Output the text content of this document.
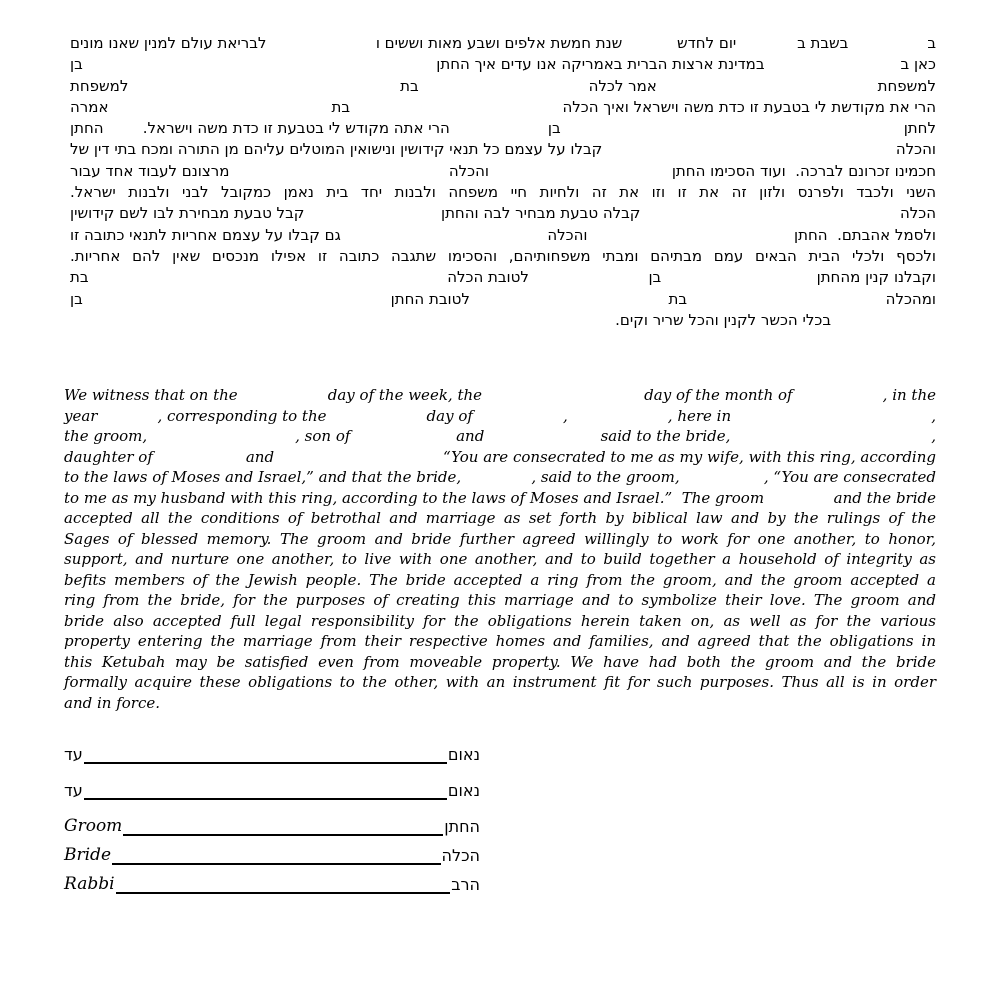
ב
בשבת ב
יום לחדש
שנת חמשת אלפים ושבע מאות וששים ו
לבריאת עולם למנין שאנו מונים
כאן ב
במדינת ארצות הברית באמריקה אנו עדים איך החתן
בן
למשפחת
אמר לכלה
בת
למשפחת
הרי את מקודשת לי בטבעת זו כדת משה וישראל ואיך הכלה
בת
אמרה
לחתן
בן
הרי אתה מקודש לי בטבעת זו כדת משה וישראל.
החתן
והכלה
קבלו על עצמם כל תנאי קידושין ונישואין המוטלים עליהם מן התורה ומכח בתי דין של
חכמינו זכרונם לברכה.  ועוד הסכימו החתן
והכלה
מרצונם לעבוד אחד עבור
השני ולכבד ולפרנס ולזון זה את זו וזו את זה ולחיות חיי משפחה ולבנות יחד בית נאמן כמקובל לבני ולבנות ישראל.
הכלה
קבלה טבעת מבחיר לבה והחתן
קבל טבעת מבחירת לבו לשם קידושין
ולסמל אהבתם.  החתן
והכלה
גם קבלו על עצמם אחריות לתנאי כתובה זו
ולכסף ולכלי הבית הבאים עמם מבתיהם ומבתי משפחותיהם, והסכימו שתגבה כתובה זו אפילו מנכסים שאין להם אחריות.
וקבלנו קנין מהחתן
בן
לטובת הכלה
בת
ומהכלה
בת
לטובת החתן
בן
בכלי הכשר לקנין והכל שריר וקים.
We witness that on the	day of the week, the	day of the month of	, in the
year	, corresponding to the	day of	,	, here in	,
the groom,	, son of	and	said to the bride,	,
daughter of	and	“You are consecrated to me as my wife, with this ring, according
to the laws of Moses and Israel,” and that the bride,	, said to the groom,	, “You are consecrated
to me as my husband with this ring, according to the laws of Moses and Israel.”  The groom	and the bride
accepted all the conditions of betrothal and marriage as set forth by biblical law and by the rulings of the
Sages of blessed memory. The groom and bride further agreed willingly to work for one another, to honor,
support, and nurture one another, to live with one another, and to build together a household of integrity as
befits members of the Jewish people. The bride accepted a ring from the groom, and the groom accepted a
ring from the bride, for the purposes of creating this marriage and to symbolize their love. The groom and
bride also accepted full legal responsibility for the obligations herein taken on, as well as for the various
property entering the marriage from their respective homes and families, and agreed that the obligations in
this Ketubah may be satisfied even from moveable property. We have had both the groom and the bride
formally acquire these obligations to the other, with an instrument fit for such purposes. Thus all is in order
and in force.
עד	נאום
עד	נאום
Groom	החתן
Bride	הכלה
Rabbi	הרב
